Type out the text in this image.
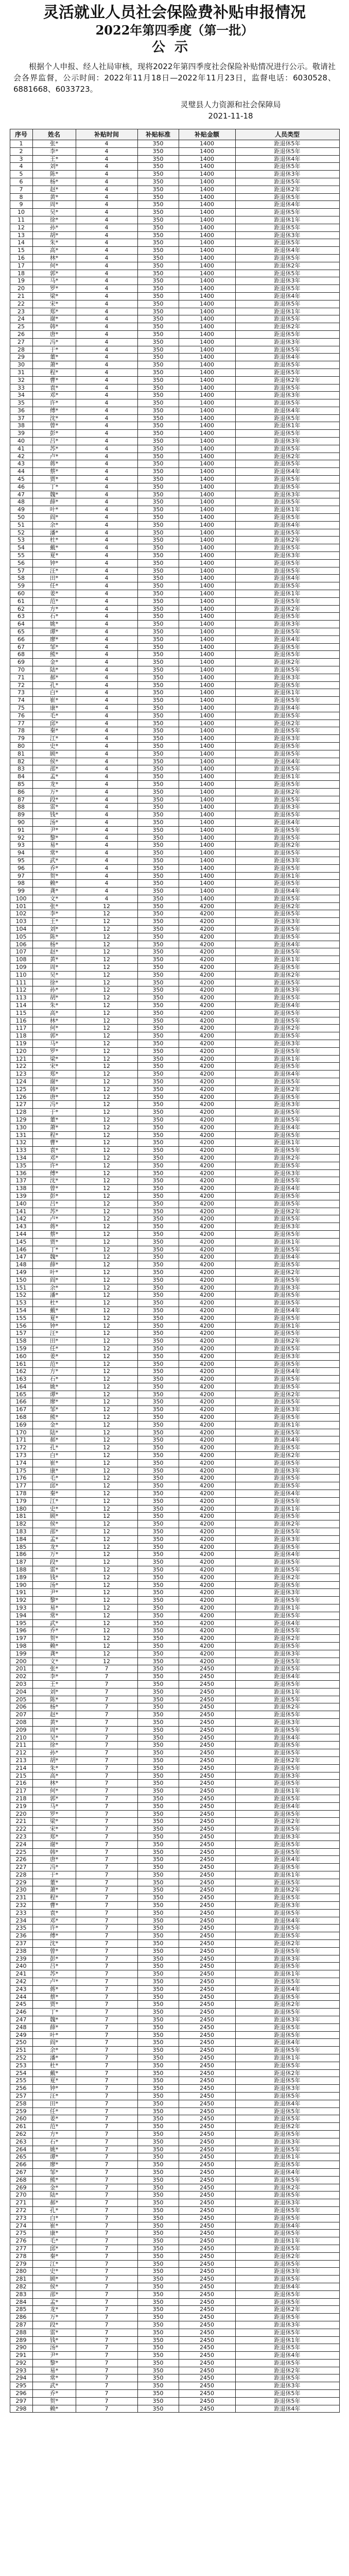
灵活就业人员社会保险费补贴申报情况
2022年第四季度（第一批）
公示

根据个人申报、经人社局审核，现将2022年第四季度社会保险补贴情况进行公示。敬请社会各界监督，公示时间：2022年11月18日—2022年11月23日，监督电话：6030528、6881668、6033723。

灵璧县人力资源和社会保障局
2021-11-18
序号	姓名	补贴时间	补贴标准	补贴金额	人员类型
1	张*	4	350	1400	距退休5年
2	李*	4	350	1400	距退休5年
3	王*	4	350	1400	距退休4年
4	刘*	4	350	1400	距退休5年
5	陈*	4	350	1400	距退休3年
6	杨*	4	350	1400	距退休5年
7	赵*	4	350	1400	距退休2年
8	黄*	4	350	1400	距退休5年
9	周*	4	350	1400	距退休4年
10	吴*	4	350	1400	距退休5年
11	徐*	4	350	1400	距退休1年
12	孙*	4	350	1400	距退休5年
13	胡*	4	350	1400	距退休3年
14	朱*	4	350	1400	距退休5年
15	高*	4	350	1400	距退休4年
16	林*	4	350	1400	距退休5年
17	何*	4	350	1400	距退休2年
18	郭*	4	350	1400	距退休5年
19	马*	4	350	1400	距退休3年
20	罗*	4	350	1400	距退休5年
21	梁*	4	350	1400	距退休4年
22	宋*	4	350	1400	距退休5年
23	郑*	4	350	1400	距退休1年
24	谢*	4	350	1400	距退休5年
25	韩*	4	350	1400	距退休2年
26	唐*	4	350	1400	距退休5年
27	冯*	4	350	1400	距退休3年
28	于*	4	350	1400	距退休5年
29	董*	4	350	1400	距退休4年
30	萧*	4	350	1400	距退休5年
31	程*	4	350	1400	距退休5年
32	曹*	4	350	1400	距退休2年
33	袁*	4	350	1400	距退休5年
34	邓*	4	350	1400	距退休3年
35	许*	4	350	1400	距退休5年
36	傅*	4	350	1400	距退休4年
37	沈*	4	350	1400	距退休5年
38	曾*	4	350	1400	距退休1年
39	彭*	4	350	1400	距退休5年
40	吕*	4	350	1400	距退休3年
41	苏*	4	350	1400	距退休5年
42	卢*	4	350	1400	距退休2年
43	蒋*	4	350	1400	距退休5年
44	蔡*	4	350	1400	距退休4年
45	贾*	4	350	1400	距退休5年
46	丁*	4	350	1400	距退休5年
47	魏*	4	350	1400	距退休3年
48	薛*	4	350	1400	距退休5年
49	叶*	4	350	1400	距退休1年
50	阎*	4	350	1400	距退休5年
51	余*	4	350	1400	距退休4年
52	潘*	4	350	1400	距退休5年
53	杜*	4	350	1400	距退休2年
54	戴*	4	350	1400	距退休5年
55	夏*	4	350	1400	距退休3年
56	钟*	4	350	1400	距退休5年
57	汪*	4	350	1400	距退休5年
58	田*	4	350	1400	距退休4年
59	任*	4	350	1400	距退休5年
60	姜*	4	350	1400	距退休1年
61	范*	4	350	1400	距退休5年
62	方*	4	350	1400	距退休2年
63	石*	4	350	1400	距退休5年
64	姚*	4	350	1400	距退休3年
65	谭*	4	350	1400	距退休5年
66	廖*	4	350	1400	距退休4年
67	邹*	4	350	1400	距退休5年
68	熊*	4	350	1400	距退休5年
69	金*	4	350	1400	距退休2年
70	陆*	4	350	1400	距退休5年
71	郝*	4	350	1400	距退休3年
72	孔*	4	350	1400	距退休5年
73	白*	4	350	1400	距退休1年
74	崔*	4	350	1400	距退休5年
75	康*	4	350	1400	距退休4年
76	毛*	4	350	1400	距退休5年
77	邱*	4	350	1400	距退休2年
78	秦*	4	350	1400	距退休5年
79	江*	4	350	1400	距退休3年
80	史*	4	350	1400	距退休5年
81	顾*	4	350	1400	距退休5年
82	侯*	4	350	1400	距退休4年
83	邵*	4	350	1400	距退休5年
84	孟*	4	350	1400	距退休1年
85	龙*	4	350	1400	距退休5年
86	万*	4	350	1400	距退休2年
87	段*	4	350	1400	距退休5年
88	雷*	4	350	1400	距退休3年
89	钱*	4	350	1400	距退休5年
90	汤*	4	350	1400	距退休4年
91	尹*	4	350	1400	距退休5年
92	黎*	4	350	1400	距退休5年
93	易*	4	350	1400	距退休2年
94	常*	4	350	1400	距退休5年
95	武*	4	350	1400	距退休3年
96	乔*	4	350	1400	距退休5年
97	贺*	4	350	1400	距退休1年
98	赖*	4	350	1400	距退休5年
99	龚*	4	350	1400	距退休4年
100	文*	4	350	1400	距退休5年
101	张*	12	350	4200	距退休2年
102	李*	12	350	4200	距退休5年
103	王*	12	350	4200	距退休3年
104	刘*	12	350	4200	距退休5年
105	陈*	12	350	4200	距退休5年
106	杨*	12	350	4200	距退休4年
107	赵*	12	350	4200	距退休5年
108	黄*	12	350	4200	距退休1年
109	周*	12	350	4200	距退休5年
110	吴*	12	350	4200	距退休2年
111	徐*	12	350	4200	距退休5年
112	孙*	12	350	4200	距退休3年
113	胡*	12	350	4200	距退休5年
114	朱*	12	350	4200	距退休4年
115	高*	12	350	4200	距退休5年
116	林*	12	350	4200	距退休5年
117	何*	12	350	4200	距退休2年
118	郭*	12	350	4200	距退休5年
119	马*	12	350	4200	距退休3年
120	罗*	12	350	4200	距退休5年
121	梁*	12	350	4200	距退休1年
122	宋*	12	350	4200	距退休5年
123	郑*	12	350	4200	距退休4年
124	谢*	12	350	4200	距退休5年
125	韩*	12	350	4200	距退休2年
126	唐*	12	350	4200	距退休5年
127	冯*	12	350	4200	距退休3年
128	于*	12	350	4200	距退休5年
129	董*	12	350	4200	距退休5年
130	萧*	12	350	4200	距退休4年
131	程*	12	350	4200	距退休5年
132	曹*	12	350	4200	距退休1年
133	袁*	12	350	4200	距退休5年
134	邓*	12	350	4200	距退休2年
135	许*	12	350	4200	距退休5年
136	傅*	12	350	4200	距退休3年
137	沈*	12	350	4200	距退休5年
138	曾*	12	350	4200	距退休4年
139	彭*	12	350	4200	距退休5年
140	吕*	12	350	4200	距退休5年
141	苏*	12	350	4200	距退休2年
142	卢*	12	350	4200	距退休5年
143	蒋*	12	350	4200	距退休3年
144	蔡*	12	350	4200	距退休5年
145	贾*	12	350	4200	距退休1年
146	丁*	12	350	4200	距退休5年
147	魏*	12	350	4200	距退休4年
148	薛*	12	350	4200	距退休5年
149	叶*	12	350	4200	距退休2年
150	阎*	12	350	4200	距退休5年
151	余*	12	350	4200	距退休3年
152	潘*	12	350	4200	距退休5年
153	杜*	12	350	4200	距退休5年
154	戴*	12	350	4200	距退休4年
155	夏*	12	350	4200	距退休5年
156	钟*	12	350	4200	距退休1年
157	汪*	12	350	4200	距退休5年
158	田*	12	350	4200	距退休2年
159	任*	12	350	4200	距退休5年
160	姜*	12	350	4200	距退休3年
161	范*	12	350	4200	距退休5年
162	方*	12	350	4200	距退休4年
163	石*	12	350	4200	距退休5年
164	姚*	12	350	4200	距退休5年
165	谭*	12	350	4200	距退休2年
166	廖*	12	350	4200	距退休5年
167	邹*	12	350	4200	距退休3年
168	熊*	12	350	4200	距退休5年
169	金*	12	350	4200	距退休1年
170	陆*	12	350	4200	距退休5年
171	郝*	12	350	4200	距退休4年
172	孔*	12	350	4200	距退休5年
173	白*	12	350	4200	距退休2年
174	崔*	12	350	4200	距退休5年
175	康*	12	350	4200	距退休3年
176	毛*	12	350	4200	距退休5年
177	邱*	12	350	4200	距退休5年
178	秦*	12	350	4200	距退休4年
179	江*	12	350	4200	距退休5年
180	史*	12	350	4200	距退休1年
181	顾*	12	350	4200	距退休5年
182	侯*	12	350	4200	距退休2年
183	邵*	12	350	4200	距退休5年
184	孟*	12	350	4200	距退休3年
185	龙*	12	350	4200	距退休5年
186	万*	12	350	4200	距退休4年
187	段*	12	350	4200	距退休5年
188	雷*	12	350	4200	距退休5年
189	钱*	12	350	4200	距退休2年
190	汤*	12	350	4200	距退休5年
191	尹*	12	350	4200	距退休3年
192	黎*	12	350	4200	距退休5年
193	易*	12	350	4200	距退休1年
194	常*	12	350	4200	距退休5年
195	武*	12	350	4200	距退休4年
196	乔*	12	350	4200	距退休5年
197	贺*	12	350	4200	距退休2年
198	赖*	12	350	4200	距退休5年
199	龚*	12	350	4200	距退休3年
200	文*	12	350	4200	距退休5年
201	张*	7	350	2450	距退休5年
202	李*	7	350	2450	距退休4年
203	王*	7	350	2450	距退休5年
204	刘*	7	350	2450	距退休1年
205	陈*	7	350	2450	距退休5年
206	杨*	7	350	2450	距退休2年
207	赵*	7	350	2450	距退休5年
208	黄*	7	350	2450	距退休3年
209	周*	7	350	2450	距退休5年
210	吴*	7	350	2450	距退休4年
211	徐*	7	350	2450	距退休5年
212	孙*	7	350	2450	距退休5年
213	胡*	7	350	2450	距退休2年
214	朱*	7	350	2450	距退休5年
215	高*	7	350	2450	距退休3年
216	林*	7	350	2450	距退休5年
217	何*	7	350	2450	距退休1年
218	郭*	7	350	2450	距退休5年
219	马*	7	350	2450	距退休4年
220	罗*	7	350	2450	距退休5年
221	梁*	7	350	2450	距退休2年
222	宋*	7	350	2450	距退休5年
223	郑*	7	350	2450	距退休3年
224	谢*	7	350	2450	距退休5年
225	韩*	7	350	2450	距退休5年
226	唐*	7	350	2450	距退休4年
227	冯*	7	350	2450	距退休5年
228	于*	7	350	2450	距退休1年
229	董*	7	350	2450	距退休5年
230	萧*	7	350	2450	距退休2年
231	程*	7	350	2450	距退休5年
232	曹*	7	350	2450	距退休3年
233	袁*	7	350	2450	距退休5年
234	邓*	7	350	2450	距退休4年
235	许*	7	350	2450	距退休5年
236	傅*	7	350	2450	距退休5年
237	沈*	7	350	2450	距退休2年
238	曾*	7	350	2450	距退休5年
239	彭*	7	350	2450	距退休3年
240	吕*	7	350	2450	距退休5年
241	苏*	7	350	2450	距退休1年
242	卢*	7	350	2450	距退休5年
243	蒋*	7	350	2450	距退休4年
244	蔡*	7	350	2450	距退休5年
245	贾*	7	350	2450	距退休2年
246	丁*	7	350	2450	距退休5年
247	魏*	7	350	2450	距退休3年
248	薛*	7	350	2450	距退休5年
249	叶*	7	350	2450	距退休5年
250	阎*	7	350	2450	距退休4年
251	余*	7	350	2450	距退休5年
252	潘*	7	350	2450	距退休1年
253	杜*	7	350	2450	距退休5年
254	戴*	7	350	2450	距退休2年
255	夏*	7	350	2450	距退休5年
256	钟*	7	350	2450	距退休3年
257	汪*	7	350	2450	距退休5年
258	田*	7	350	2450	距退休4年
259	任*	7	350	2450	距退休5年
260	姜*	7	350	2450	距退休5年
261	范*	7	350	2450	距退休2年
262	方*	7	350	2450	距退休5年
263	石*	7	350	2450	距退休3年
264	姚*	7	350	2450	距退休5年
265	谭*	7	350	2450	距退休1年
266	廖*	7	350	2450	距退休5年
267	邹*	7	350	2450	距退休4年
268	熊*	7	350	2450	距退休5年
269	金*	7	350	2450	距退休2年
270	陆*	7	350	2450	距退休5年
271	郝*	7	350	2450	距退休3年
272	孔*	7	350	2450	距退休5年
273	白*	7	350	2450	距退休5年
274	崔*	7	350	2450	距退休4年
275	康*	7	350	2450	距退休5年
276	毛*	7	350	2450	距退休1年
277	邱*	7	350	2450	距退休5年
278	秦*	7	350	2450	距退休2年
279	江*	7	350	2450	距退休5年
280	史*	7	350	2450	距退休3年
281	顾*	7	350	2450	距退休5年
282	侯*	7	350	2450	距退休4年
283	邵*	7	350	2450	距退休5年
284	孟*	7	350	2450	距退休5年
285	龙*	7	350	2450	距退休2年
286	万*	7	350	2450	距退休5年
287	段*	7	350	2450	距退休3年
288	雷*	7	350	2450	距退休5年
289	钱*	7	350	2450	距退休1年
290	汤*	7	350	2450	距退休5年
291	尹*	7	350	2450	距退休4年
292	黎*	7	350	2450	距退休5年
293	易*	7	350	2450	距退休2年
294	常*	7	350	2450	距退休5年
295	武*	7	350	2450	距退休3年
296	乔*	7	350	2450	距退休5年
297	贺*	7	350	2450	距退休5年
298	赖*	7	350	2450	距退休4年
